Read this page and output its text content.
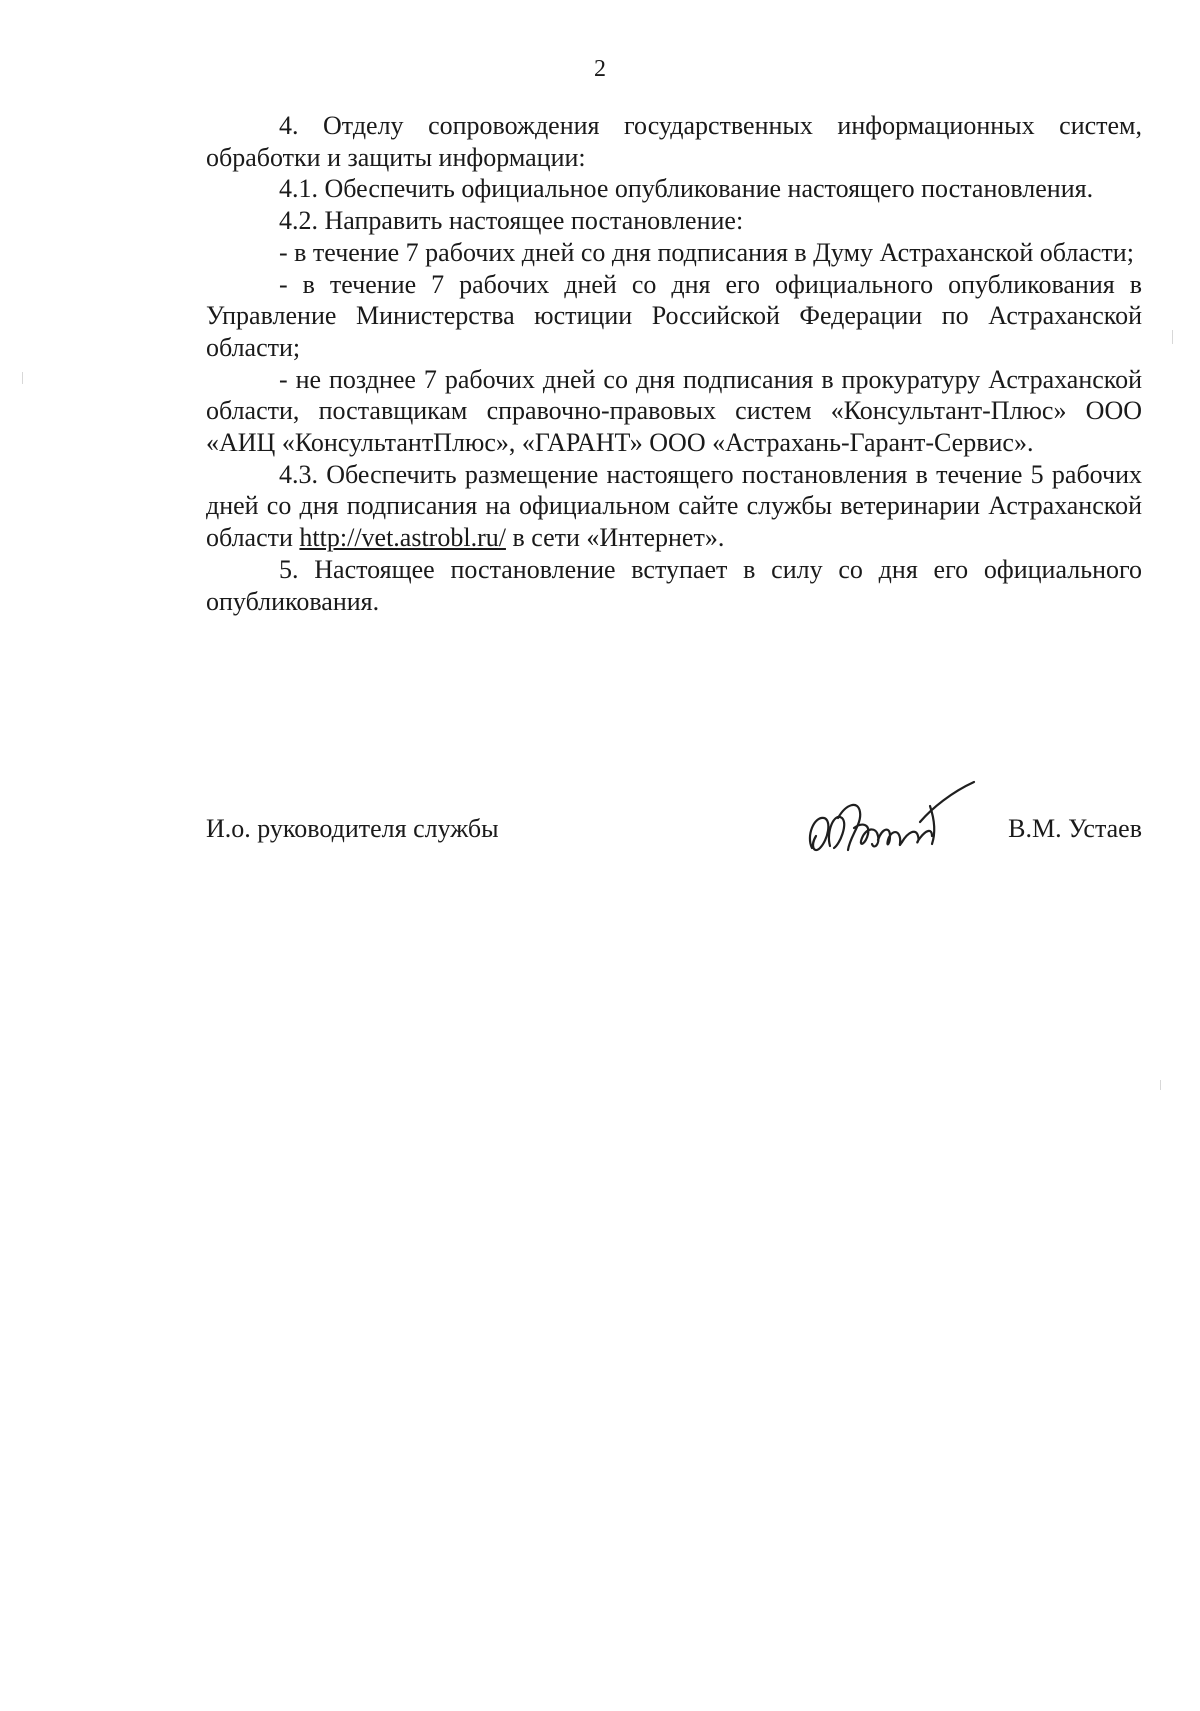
2

4. Отделу сопровождения государственных информационных систем, обработки и защиты информации:

4.1. Обеспечить официальное опубликование настоящего постановления.

4.2. Направить настоящее постановление:

- в течение 7 рабочих дней со дня подписания в Думу Астраханской области;

- в течение 7 рабочих дней со дня его официального опубликования в Управление Министерства юстиции Российской Федерации по Астраханской области;

- не позднее 7 рабочих дней со дня подписания в прокуратуру Астраханской области, поставщикам справочно-правовых систем «Консультант-Плюс» ООО «АИЦ «КонсультантПлюс», «ГАРАНТ» ООО «Астрахань-Гарант-Сервис».

4.3. Обеспечить размещение настоящего постановления в течение 5 рабочих дней со дня подписания на официальном сайте службы ветеринарии Астраханской области http://vet.astrobl.ru/ в сети «Интернет».

5. Настоящее постановление вступает в силу со дня его официального опубликования.

И.о. руководителя службы	В.М. Устаев
